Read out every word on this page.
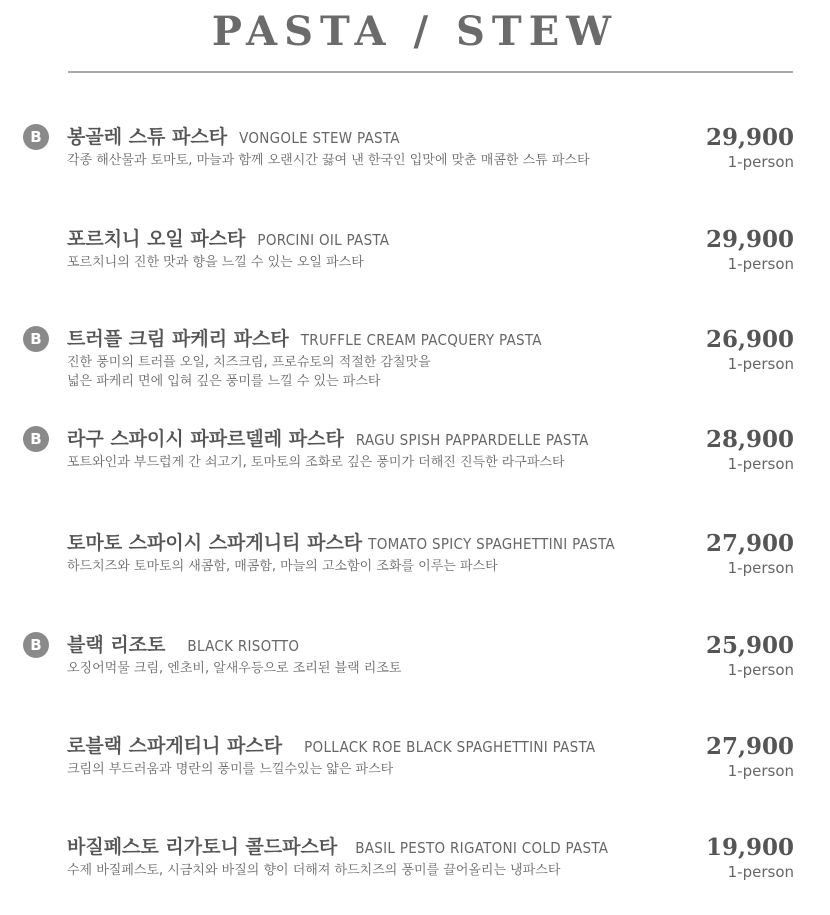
PASTA / STEW
B	봉골레 스튜 파스타 VONGOLE STEW PASTA
각종 해산물과 토마토, 마늘과 함께 오랜시간 끓여 낸 한국인 입맛에 맞춘 매콤한 스튜 파스타
29,900
1-person
포르치니 오일 파스타 PORCINI OIL PASTA
포르치니의 진한 맛과 향을 느낄 수 있는 오일 파스타
29,900
1-person
B	트러플 크림 파케리 파스타 TRUFFLE CREAM PACQUERY PASTA
진한 풍미의 트러플 오일, 치즈크림, 프로슈토의 적절한 감칠맛을
넓은 파케리 면에 입혀 깊은 풍미를 느낄 수 있는 파스타
26,900
1-person
B	라구 스파이시 파파르델레 파스타 RAGU SPISH PAPPARDELLE PASTA
포트와인과 부드럽게 간 쇠고기, 토마토의 조화로 깊은 풍미가 더해진 진득한 라구파스타
28,900
1-person
토마토 스파이시 스파게니티 파스타 TOMATO SPICY SPAGHETTINI PASTA
하드치즈와 토마토의 새콤함, 매콤함, 마늘의 고소함이 조화를 이루는 파스타
27,900
1-person
B	블랙 리조토 BLACK RISOTTO
오징어먹물 크림, 엔초비, 알새우등으로 조리된 블랙 리조토
25,900
1-person
로블랙 스파게티니 파스타 POLLACK ROE BLACK SPAGHETTINI PASTA
크림의 부드러움과 명란의 풍미를 느낄수있는 얇은 파스타
27,900
1-person
바질페스토 리가토니 콜드파스타 BASIL PESTO RIGATONI COLD PASTA
수제 바질페스토, 시금치와 바질의 향이 더해져 하드치즈의 풍미를 끌어올리는 냉파스타
19,900
1-person
